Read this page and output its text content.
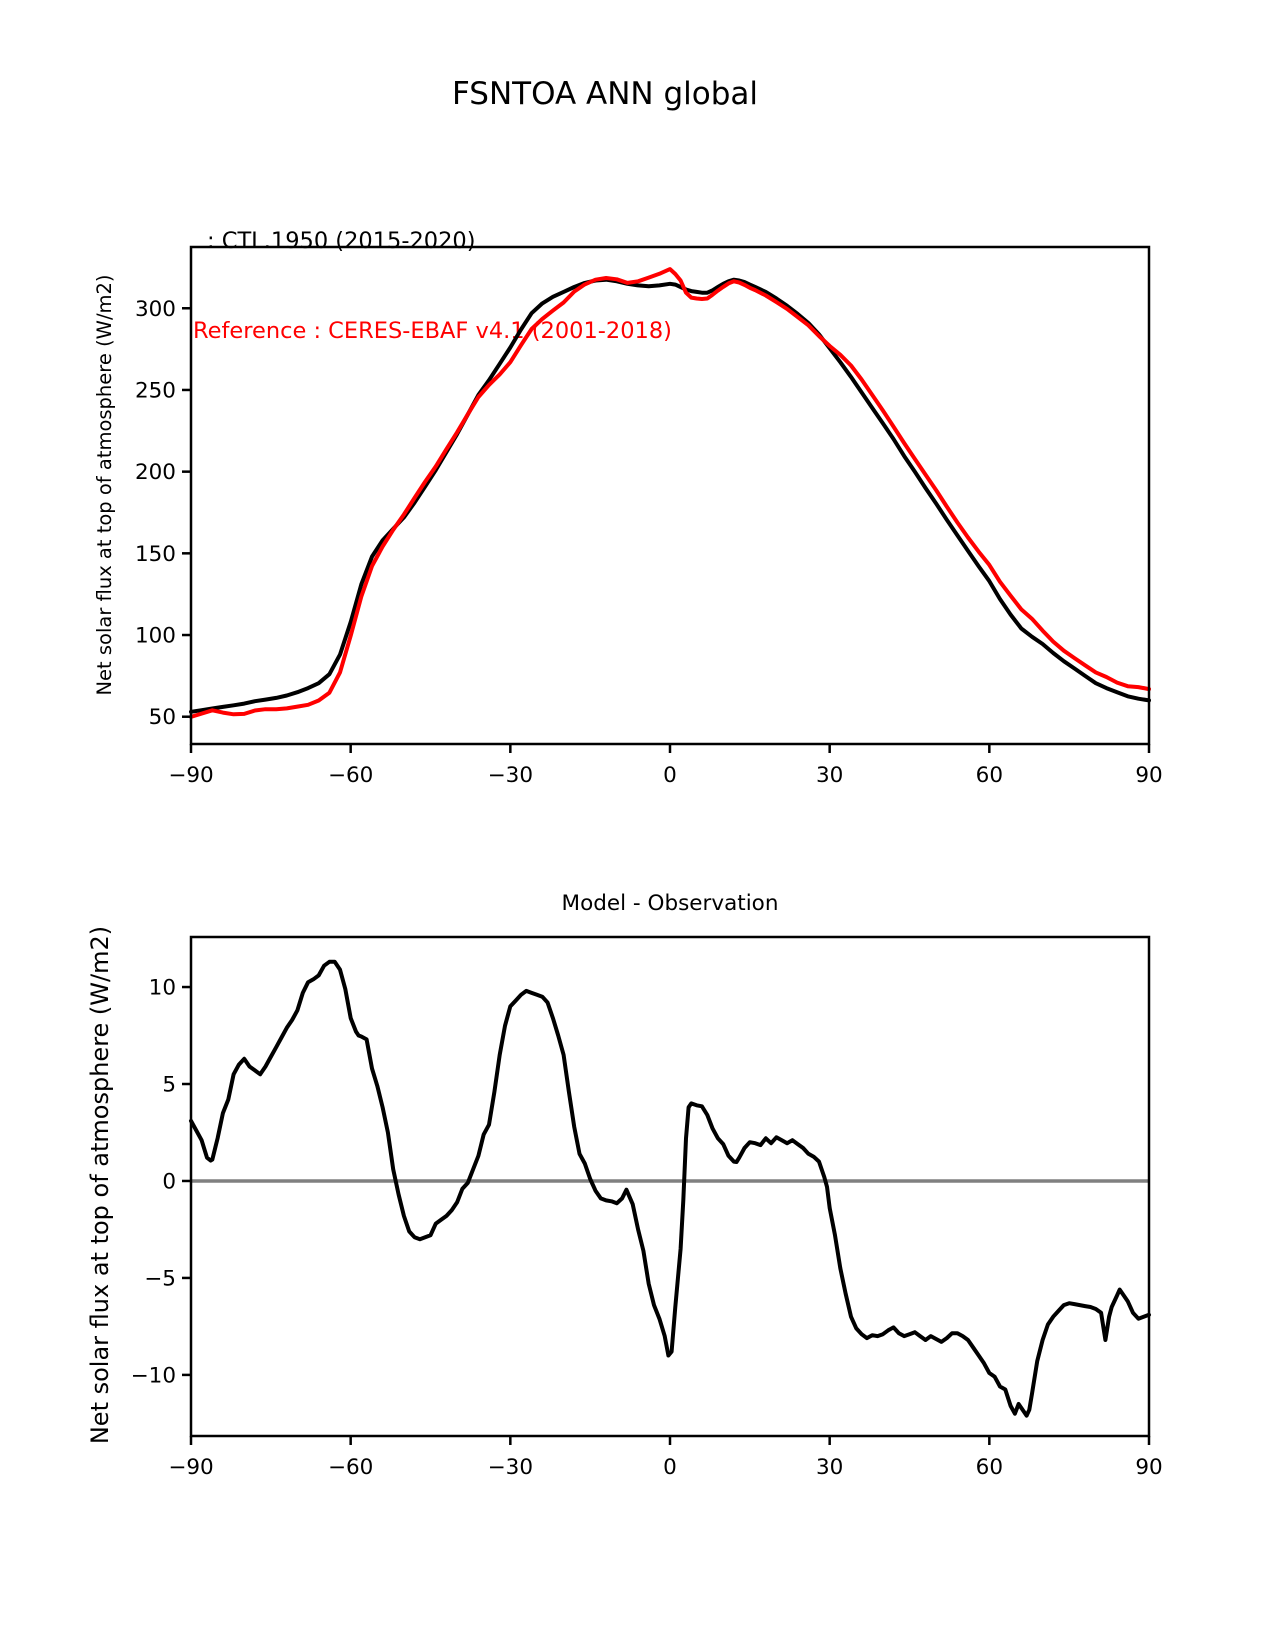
FSNTOA ANN global

: CTL.1950 (2015-2020)

Reference : CERES-EBAF v4.1 (2001-2018)

Net solar flux at top of atmosphere (W/m2)
−90	−60	−30	0	30	60	90
50
100
150
200
250
300
Model - Observation
Net solar flux at top of atmosphere (W/m2)
−90	−60	−30	0	30	60	90
−10
−5
0
5
10
